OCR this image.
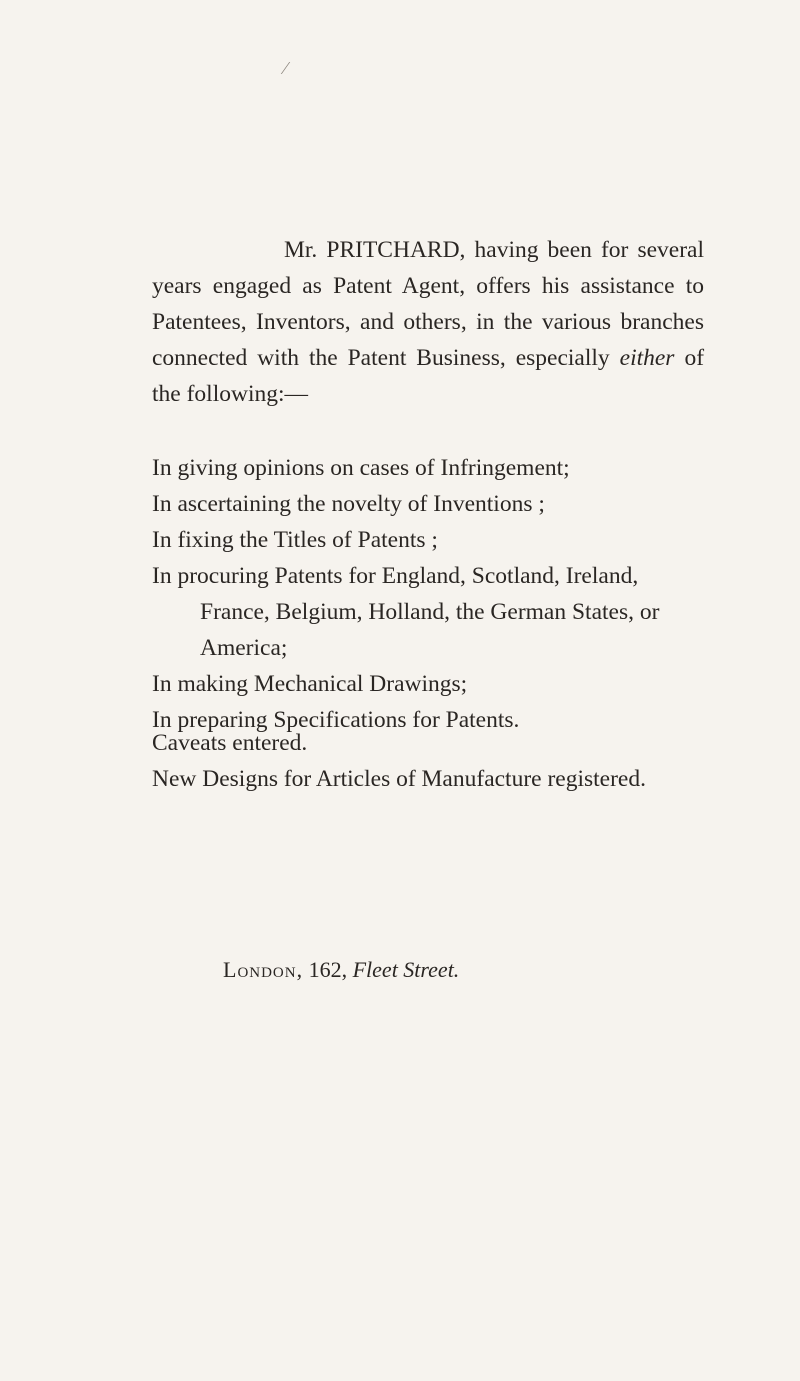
⁄

Mr. PRITCHARD, having been for several years engaged as Patent Agent, offers his assistance to Patentees, Inventors, and others, in the various branches connected with the Patent Business, especially either of the following:—

In giving opinions on cases of Infringement;
In ascertaining the novelty of Inventions ;
In fixing the Titles of Patents ;
In procuring Patents for England, Scotland, Ireland, France, Belgium, Holland, the German States, or America;
In making Mechanical Drawings;
In preparing Specifications for Patents.
Caveats entered.
New Designs for Articles of Manufacture registered.
London, 162, Fleet Street.
